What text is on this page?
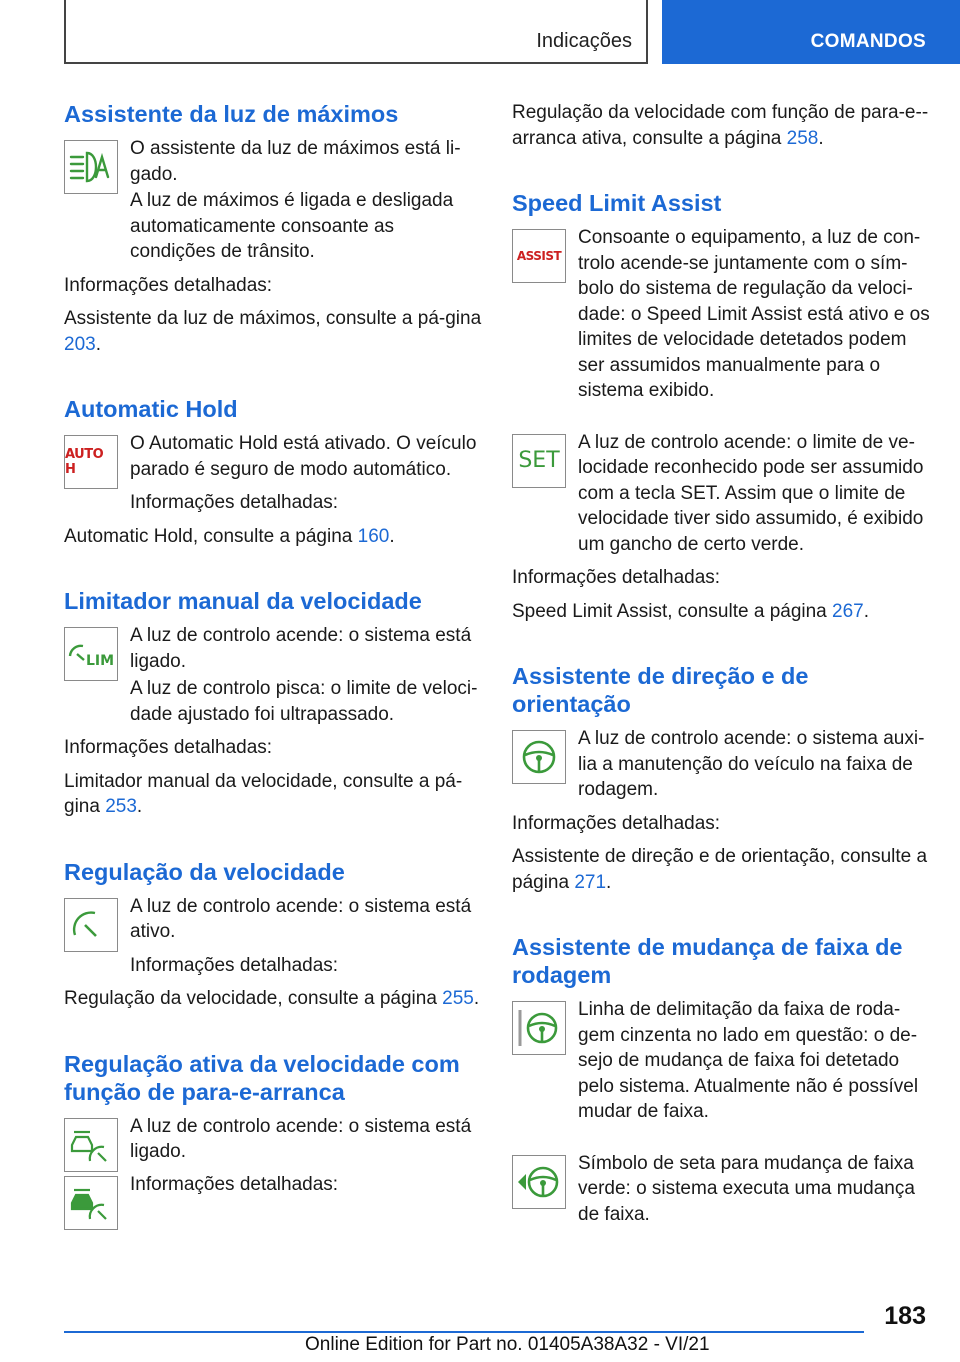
Indicações	COMANDOS
Assistente da luz de máximos

O assistente da luz de máximos está li-gado.

A luz de máximos é ligada e desligada automaticamente consoante as condições de trânsito.

Informações detalhadas:

Assistente da luz de máximos, consulte a pá-gina 203.

Automatic Hold
AUTO H

O Automatic Hold está ativado. O veículo parado é seguro de modo automático.

Informações detalhadas:

Automatic Hold, consulte a página 160.

Limitador manual da velocidade
LIM

A luz de controlo acende: o sistema está ligado.

A luz de controlo pisca: o limite de veloci-dade ajustado foi ultrapassado.

Informações detalhadas:

Limitador manual da velocidade, consulte a pá-gina 253.

Regulação da velocidade

A luz de controlo acende: o sistema está ativo.

Informações detalhadas:

Regulação da velocidade, consulte a página 255.

Regulação ativa da velocidade com função de para-e-arranca

A luz de controlo acende: o sistema está ligado.

Informações detalhadas:

Regulação da velocidade com função de para-e--arranca ativa, consulte a página 258.

Speed Limit Assist
ASSIST

Consoante o equipamento, a luz de con-trolo acende-se juntamente com o sím-bolo do sistema de regulação da veloci-dade: o Speed Limit Assist está ativo e os limites de velocidade detetados podem ser assumidos manualmente para o sistema exibido.

SET

A luz de controlo acende: o limite de ve-locidade reconhecido pode ser assumido com a tecla SET. Assim que o limite de velocidade tiver sido assumido, é exibido um gancho de certo verde.

Informações detalhadas:

Speed Limit Assist, consulte a página 267.

Assistente de direção e de orientação

A luz de controlo acende: o sistema auxi-lia a manutenção do veículo na faixa de rodagem.

Informações detalhadas:

Assistente de direção e de orientação, consulte a página 271.

Assistente de mudança de faixa de rodagem

Linha de delimitação da faixa de roda-gem cinzenta no lado em questão: o de-sejo de mudança de faixa foi detetado pelo sistema. Atualmente não é possível mudar de faixa.

Símbolo de seta para mudança de faixa verde: o sistema executa uma mudança de faixa.

183
Online Edition for Part no. 01405A38A32 - VI/21
